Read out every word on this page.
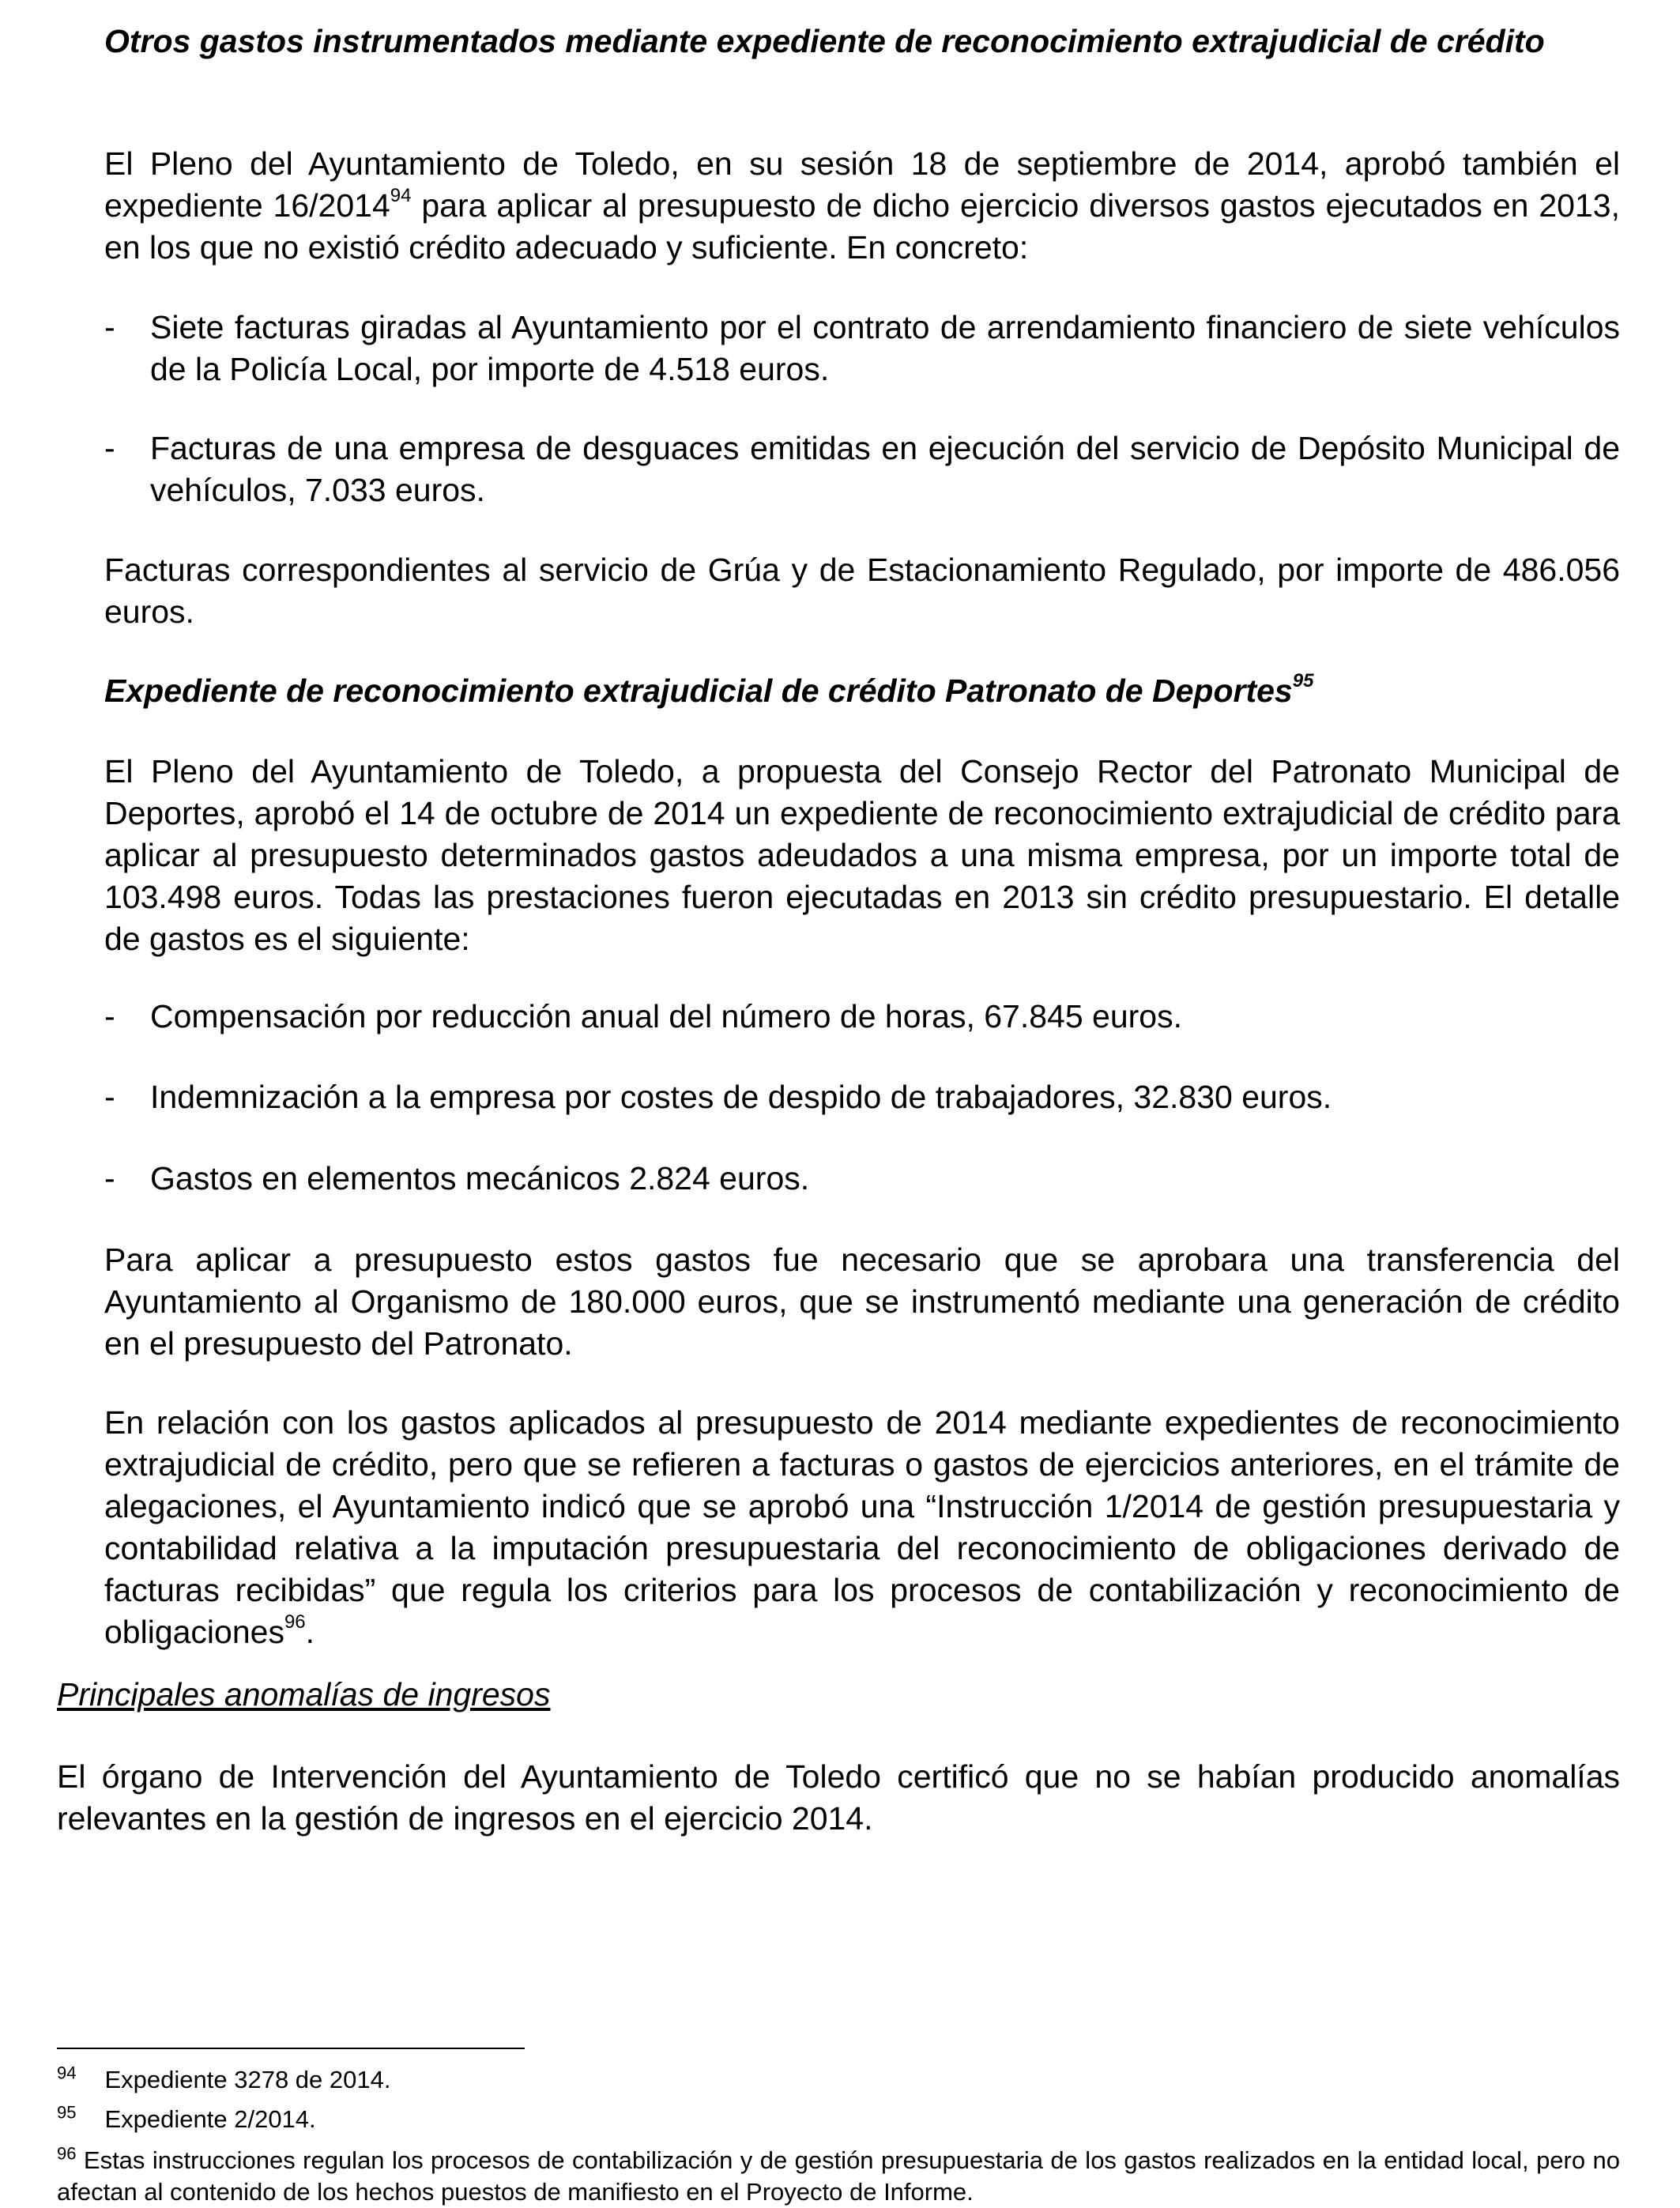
Otros gastos instrumentados mediante expediente de reconocimiento extrajudicial de crédito

El Pleno del Ayuntamiento de Toledo, en su sesión 18 de septiembre de 2014, aprobó también el expediente 16/2014$^{94}$ para aplicar al presupuesto de dicho ejercicio diversos gastos ejecutados en 2013, en los que no existió crédito adecuado y suficiente. En concreto:

- Siete facturas giradas al Ayuntamiento por el contrato de arrendamiento financiero de siete vehículos de la Policía Local, por importe de 4.518 euros.
- Facturas de una empresa de desguaces emitidas en ejecución del servicio de Depósito Municipal de vehículos, 7.033 euros.

Facturas correspondientes al servicio de Grúa y de Estacionamiento Regulado, por importe de 486.056 euros.

Expediente de reconocimiento extrajudicial de crédito Patronato de Deportes$^{95}$

El Pleno del Ayuntamiento de Toledo, a propuesta del Consejo Rector del Patronato Municipal de Deportes, aprobó el 14 de octubre de 2014 un expediente de reconocimiento extrajudicial de crédito para aplicar al presupuesto determinados gastos adeudados a una misma empresa, por un importe total de 103.498 euros. Todas las prestaciones fueron ejecutadas en 2013 sin crédito presupuestario. El detalle de gastos es el siguiente:

- Compensación por reducción anual del número de horas, 67.845 euros.
- Indemnización a la empresa por costes de despido de trabajadores, 32.830 euros.
- Gastos en elementos mecánicos 2.824 euros.

Para aplicar a presupuesto estos gastos fue necesario que se aprobara una transferencia del Ayuntamiento al Organismo de 180.000 euros, que se instrumentó mediante una generación de crédito en el presupuesto del Patronato.

En relación con los gastos aplicados al presupuesto de 2014 mediante expedientes de reconocimiento extrajudicial de crédito, pero que se refieren a facturas o gastos de ejercicios anteriores, en el trámite de alegaciones, el Ayuntamiento indicó que se aprobó una “Instrucción 1/2014 de gestión presupuestaria y contabilidad relativa a la imputación presupuestaria del reconocimiento de obligaciones derivado de facturas recibidas” que regula los criterios para los procesos de contabilización y reconocimiento de obligaciones$^{96}$.

Principales anomalías de ingresos

El órgano de Intervención del Ayuntamiento de Toledo certificó que no se habían producido anomalías relevantes en la gestión de ingresos en el ejercicio 2014.

$^{94}$ Expediente 3278 de 2014.
$^{95}$ Expediente 2/2014.
$^{96}$ Estas instrucciones regulan los procesos de contabilización y de gestión presupuestaria de los gastos realizados en la entidad local, pero no afectan al contenido de los hechos puestos de manifiesto en el Proyecto de Informe.
